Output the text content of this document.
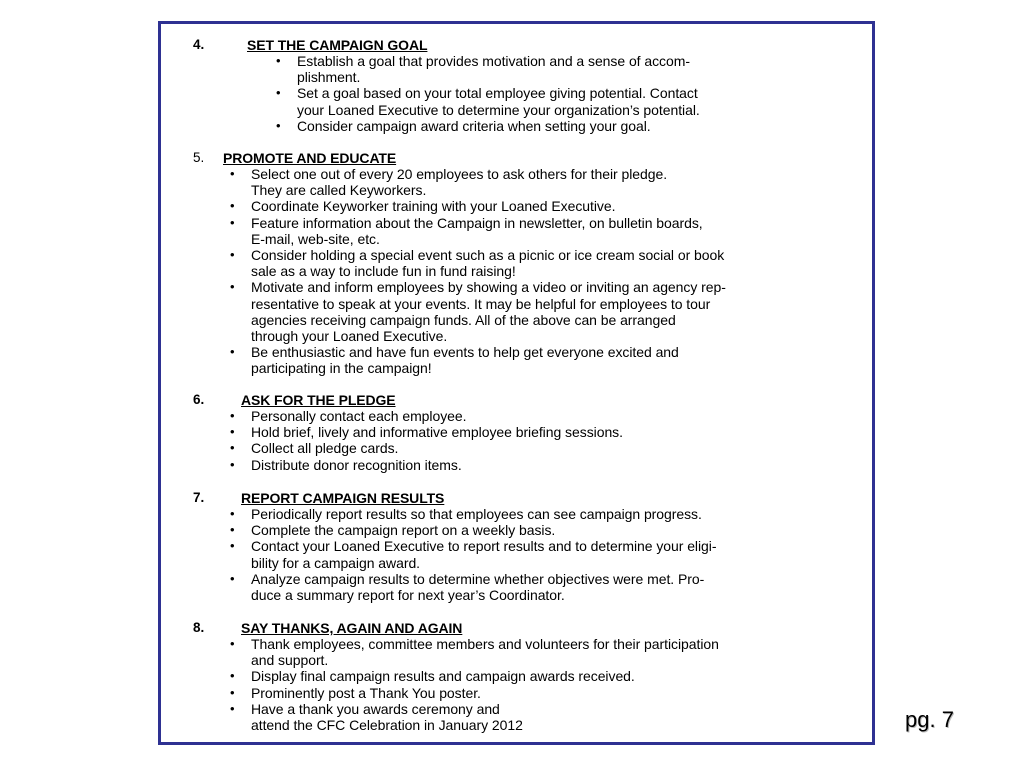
4.	SET THE CAMPAIGN GOAL
• Establish a goal that provides motivation and a sense of accom-
plishment.
• Set a goal based on your total employee giving potential. Contact
your Loaned Executive to determine your organization’s potential.
• Consider campaign award criteria when setting your goal.
5. PROMOTE AND EDUCATE
• Select one out of every 20 employees to ask others for their pledge.
They are called Keyworkers.
• Coordinate Keyworker training with your Loaned Executive.
• Feature information about the Campaign in newsletter, on bulletin boards,
E-mail, web-site, etc.
• Consider holding a special event such as a picnic or ice cream social or book
sale as a way to include fun in fund raising!
• Motivate and inform employees by showing a video or inviting an agency rep-
resentative to speak at your events. It may be helpful for employees to tour
agencies receiving campaign funds. All of the above can be arranged
through your Loaned Executive.
• Be enthusiastic and have fun events to help get everyone excited and
participating in the campaign!
6.	ASK FOR THE PLEDGE
• Personally contact each employee.
• Hold brief, lively and informative employee briefing sessions.
• Collect all pledge cards.
• Distribute donor recognition items.
7.	REPORT CAMPAIGN RESULTS
• Periodically report results so that employees can see campaign progress.
• Complete the campaign report on a weekly basis.
• Contact your Loaned Executive to report results and to determine your eligi-
bility for a campaign award.
• Analyze campaign results to determine whether objectives were met. Pro-
duce a summary report for next year’s Coordinator.
8.	SAY THANKS, AGAIN AND AGAIN
• Thank employees, committee members and volunteers for their participation
and support.
• Display final campaign results and campaign awards received.
• Prominently post a Thank You poster.
• Have a thank you awards ceremony and
attend the CFC Celebration in January 2012	pg. 7
